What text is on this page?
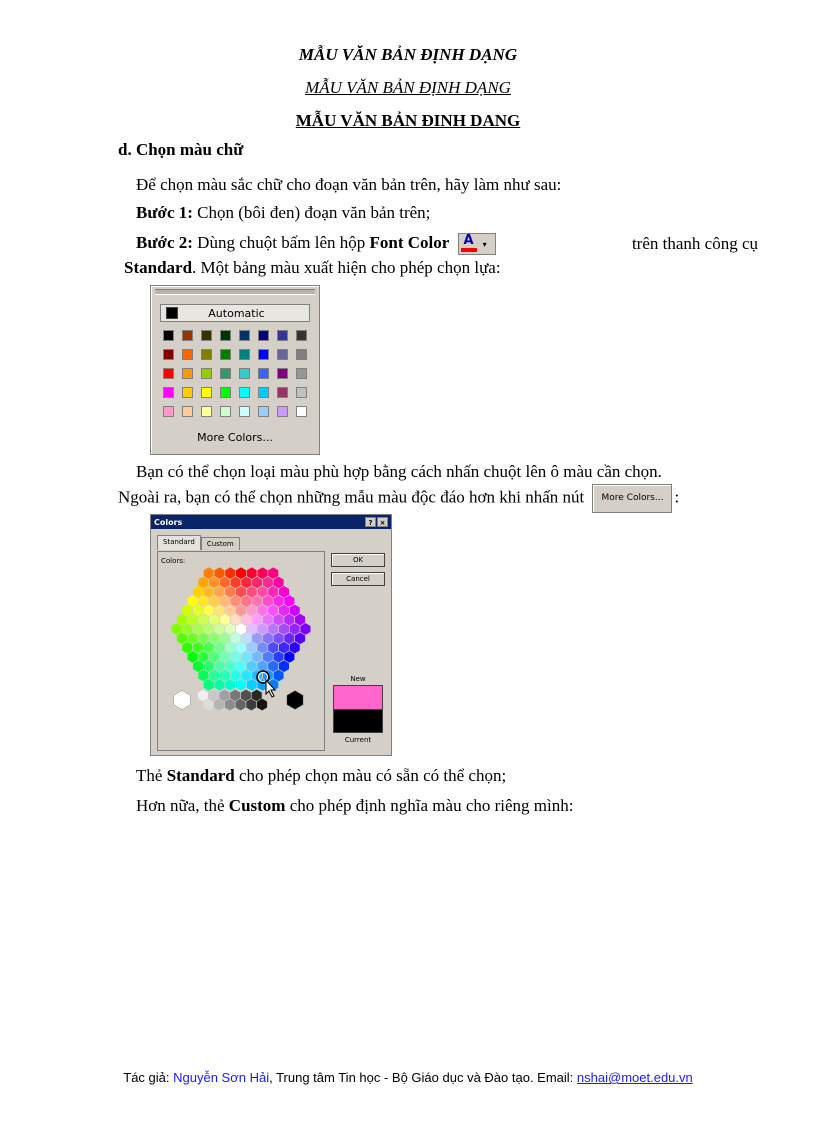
MẪU VĂN BẢN ĐỊNH DẠNG
MẪU VĂN BẢN ĐỊNH DẠNG
MẪU VĂN BẢN ĐINH DANG
d. Chọn màu chữ
Để chọn màu sắc chữ cho đoạn văn bản trên, hãy làm như sau:
Bước 1: Chọn (bôi đen) đoạn văn bản trên;
Bước 2: Dùng chuột bấm lên hộp Font Color A ▾	trên thanh công cụ
Standard. Một bảng màu xuất hiện cho phép chọn lựa:
Automatic
More Colors...
Bạn có thể chọn loại màu phù hợp bằng cách nhấn chuột lên ô màu cần chọn.
Ngoài ra, bạn có thể chọn những mẫu màu độc đáo hơn khi nhấn nút More Colors... :
Colors	?	×
Standard	Custom
Colors:	OK
Cancel
New
Current
Thẻ Standard cho phép chọn màu có sẵn có thể chọn;
Hơn nữa, thẻ Custom cho phép định nghĩa màu cho riêng mình:
Tác giả: Nguyễn Sơn Hải, Trung tâm Tin học - Bộ Giáo dục và Đào tạo. Email: nshai@moet.edu.vn
